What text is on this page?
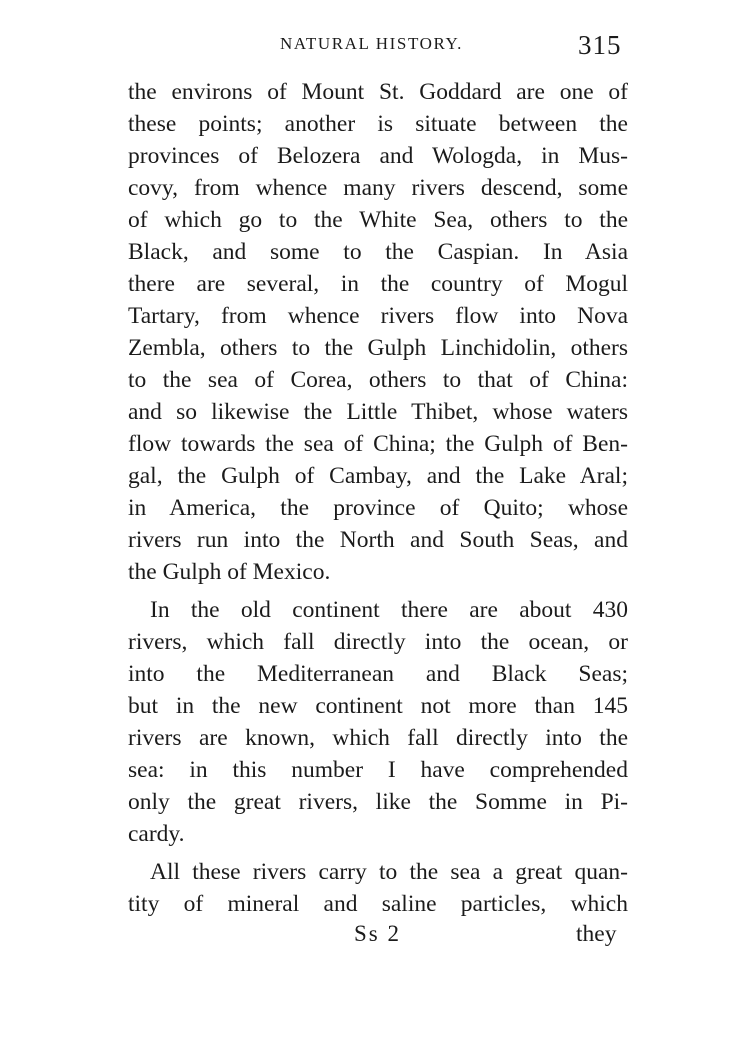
NATURAL HISTORY.	315
the environs of Mount St. Goddard are one of
these points; another is situate between the
provinces of Belozera and Wologda, in Mus-
covy, from whence many rivers descend, some
of which go to the White Sea, others to the
Black, and some to the Caspian. In Asia
there are several, in the country of Mogul
Tartary, from whence rivers flow into Nova
Zembla, others to the Gulph Linchidolin, others
to the sea of Corea, others to that of China:
and so likewise the Little Thibet, whose waters
flow towards the sea of China; the Gulph of Ben-
gal, the Gulph of Cambay, and the Lake Aral;
in America, the province of Quito; whose
rivers run into the North and South Seas, and
the Gulph of Mexico.
In the old continent there are about 430
rivers, which fall directly into the ocean, or
into the Mediterranean and Black Seas;
but in the new continent not more than 145
rivers are known, which fall directly into the
sea: in this number I have comprehended
only the great rivers, like the Somme in Pi-
cardy.
All these rivers carry to the sea a great quan-
tity of mineral and saline particles, which
Ss 2	they
